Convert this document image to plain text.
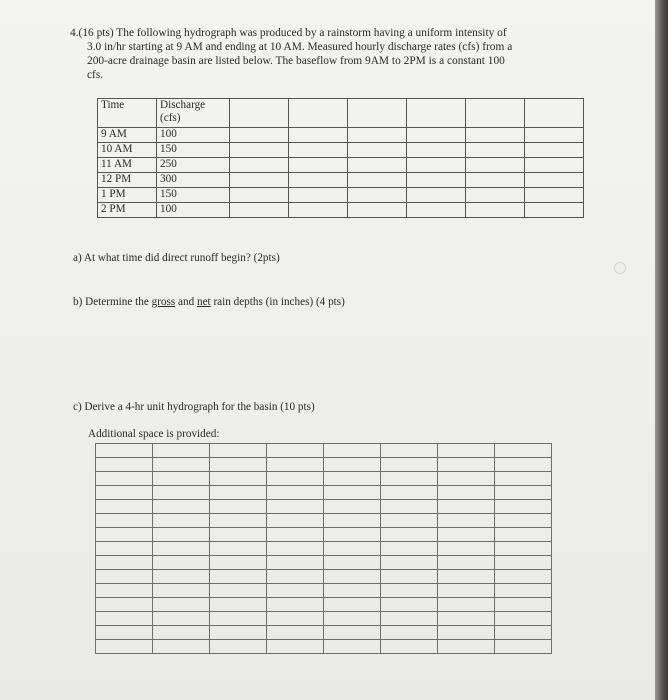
4.(16 pts) The following hydrograph was produced by a rainstorm having a uniform intensity of
3.0 in/hr starting at 9 AM and ending at 10 AM. Measured hourly discharge rates (cfs) from a
200-acre drainage basin are listed below. The baseflow from 9AM to 2PM is a constant 100
cfs.
Time	Discharge
(cfs)						
9 AM	100						
10 AM	150						
11 AM	250						
12 PM	300						
1 PM	150						
2 PM	100						
a) At what time did direct runoff begin? (2pts)
b) Determine the gross and net rain depths (in inches) (4 pts)
c) Derive a 4-hr unit hydrograph for the basin (10 pts)
Additional space is provided:
